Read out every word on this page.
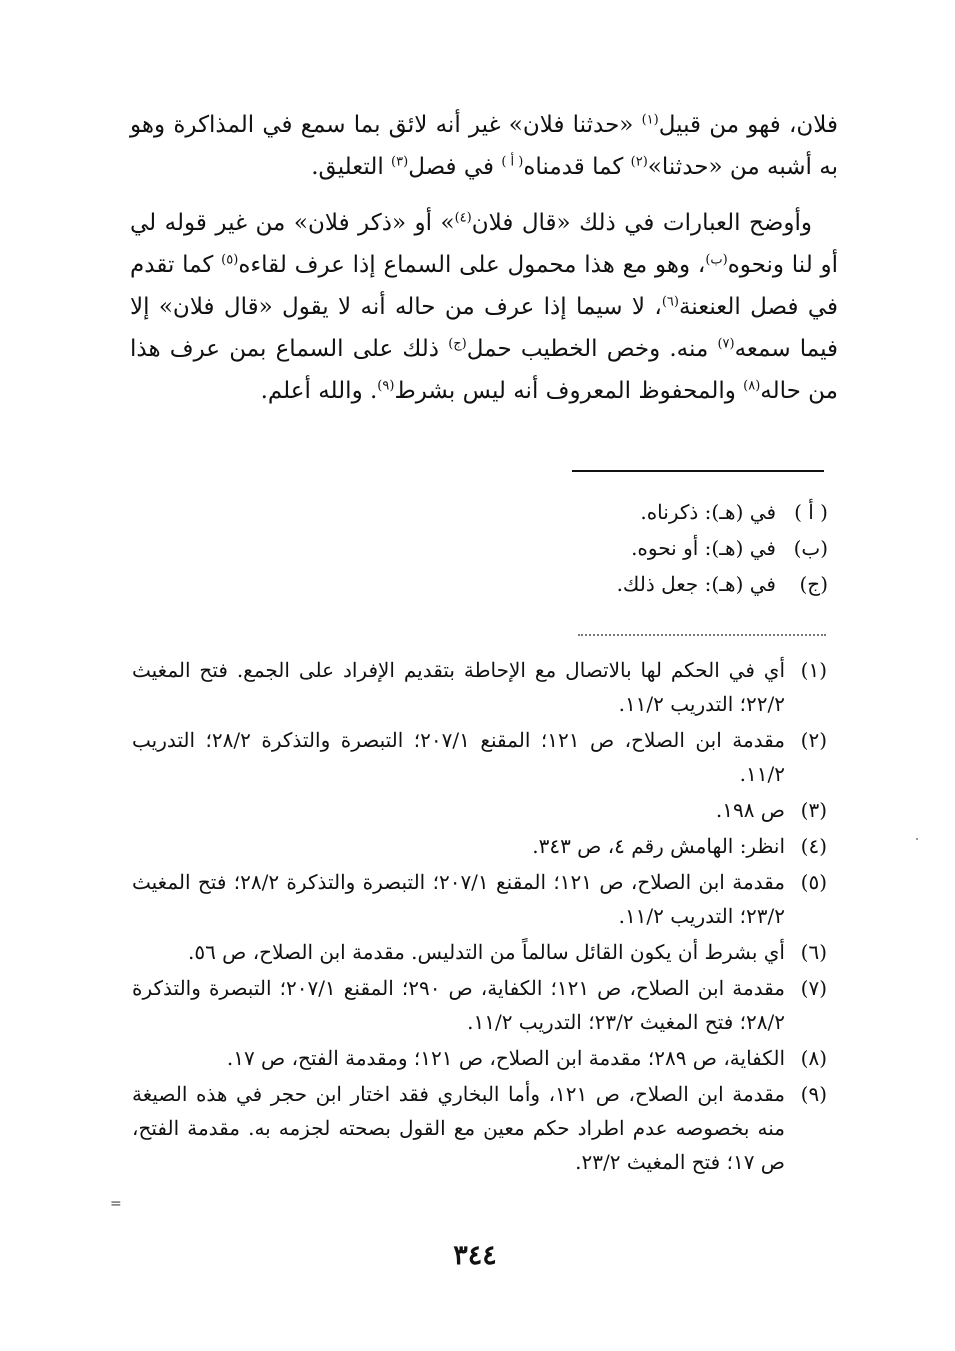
فلان، فهو من قبيل$^{(١)}$ «حدثنا فلان» غير أنه لائق بما سمع في المذاكرة وهو به أشبه من «حدثنا»$^{(٢)}$ كما قدمناه$^{( أ )}$ في فصل$^{(٣)}$ التعليق.

وأوضح العبارات في ذلك «قال فلان$^{(٤)}$» أو «ذكر فلان» من غير قوله لي أو لنا ونحوه$^{(ب)}$، وهو مع هذا محمول على السماع إذا عرف لقاءه$^{(٥)}$ كما تقدم في فصل العنعنة$^{(٦)}$، لا سيما إذا عرف من حاله أنه لا يقول «قال فلان» إلا فيما سمعه$^{(٧)}$ منه. وخص الخطيب حمل$^{(ج)}$ ذلك على السماع بمن عرف هذا من حاله$^{(٨)}$ والمحفوظ المعروف أنه ليس بشرط$^{(٩)}$. والله أعلم.

( أ )
في (هـ): ذكرناه.
(ب)
في (هـ): أو نحوه.
(ج)
في (هـ): جعل ذلك.
(١)
أي في الحكم لها بالاتصال مع الإحاطة بتقديم الإفراد على الجمع. فتح المغيث ٢٢/٢؛ التدريب ١١/٢.
(٢)
مقدمة ابن الصلاح، ص ١٢١؛ المقنع ٢٠٧/١؛ التبصرة والتذكرة ٢٨/٢؛ التدريب ١١/٢.
(٣)
ص ١٩٨.
(٤)
انظر: الهامش رقم ٤، ص ٣٤٣.
(٥)
مقدمة ابن الصلاح، ص ١٢١؛ المقنع ٢٠٧/١؛ التبصرة والتذكرة ٢٨/٢؛ فتح المغيث ٢٣/٢؛ التدريب ١١/٢.
(٦)
أي بشرط أن يكون القائل سالماً من التدليس. مقدمة ابن الصلاح، ص ٥٦.
(٧)
مقدمة ابن الصلاح، ص ١٢١؛ الكفاية، ص ٢٩٠؛ المقنع ٢٠٧/١؛ التبصرة والتذكرة ٢٨/٢؛ فتح المغيث ٢٣/٢؛ التدريب ١١/٢.
(٨)
الكفاية، ص ٢٨٩؛ مقدمة ابن الصلاح، ص ١٢١؛ ومقدمة الفتح، ص ١٧.
(٩)
مقدمة ابن الصلاح، ص ١٢١، وأما البخاري فقد اختار ابن حجر في هذه الصيغة منه بخصوصه عدم اطراد حكم معين مع القول بصحته لجزمه به. مقدمة الفتح، ص ١٧؛ فتح المغيث ٢٣/٢.
=
٣٤٤
